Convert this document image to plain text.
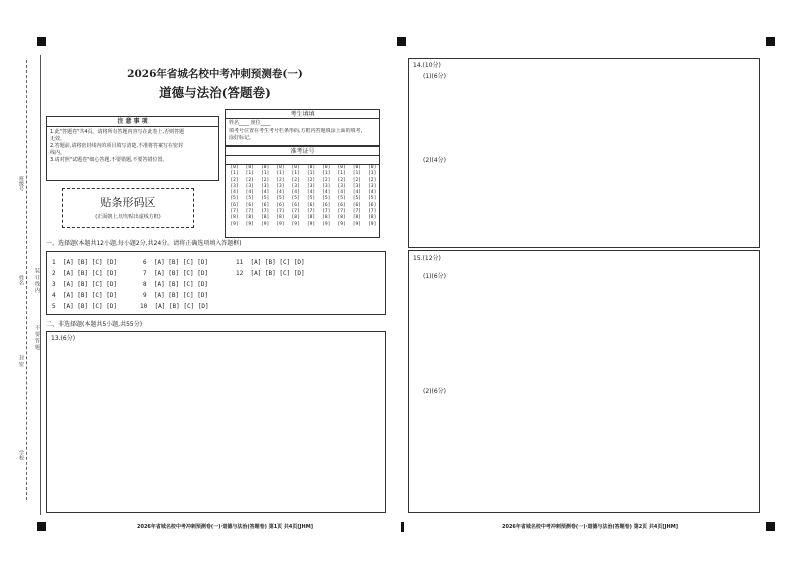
班级号
姓名 装 订 线 内
不 要 答 题
封 密
学校
2026年省城名校中考冲刺预测卷(一)
道德与法治(答题卷)
注 意 事 项
1.此"答题卷"共4页。请将所有答题内容写在此卷上,否则答题
无效。
2.答题前,请将密封线内的项目填写清楚,不准将答案写在密封
线内。
3.请对照"试题卷"细心答题,不要错题,不要答错位置。
贴条形码区
(正面朝上,切勿贴出虚线方框)
考生填填
姓名____ 座位____
填考号位置在考生考号栏条形码,方框内答题填涂上面的填考,
涂好标记。
准考证号
[0]
[1]
[2]
[3]
[4]
[5]
[6]
[7]
[8]
[9]
[0]
[1]
[2]
[3]
[4]
[5]
[6]
[7]
[8]
[9]
[0]
[1]
[2]
[3]
[4]
[5]
[6]
[7]
[8]
[9]
[0]
[1]
[2]
[3]
[4]
[5]
[6]
[7]
[8]
[9]
[0]
[1]
[2]
[3]
[4]
[5]
[6]
[7]
[8]
[9]
[0]
[1]
[2]
[3]
[4]
[5]
[6]
[7]
[8]
[9]
[0]
[1]
[2]
[3]
[4]
[5]
[6]
[7]
[8]
[9]
[0]
[1]
[2]
[3]
[4]
[5]
[6]
[7]
[8]
[9]
[0]
[1]
[2]
[3]
[4]
[5]
[6]
[7]
[8]
[9]
[0]
[1]
[2]
[3]
[4]
[5]
[6]
[7]
[8]
[9]
一、选择题(本题共12小题,每小题2分,共24分。请将正确选项填入答题框)
1 [A] [B] [C] [D]
2 [A] [B] [C] [D]
3 [A] [B] [C] [D]
4 [A] [B] [C] [D]
5 [A] [B] [C] [D]
6 [A] [B] [C] [D]
7 [A] [B] [C] [D]
8 [A] [B] [C] [D]
9 [A] [B] [C] [D]
10 [A] [B] [C] [D]
11 [A] [B] [C] [D]
12 [A] [B] [C] [D]
二、非选择题(本题共5小题,共55分)
13.(6分)
2026年省城名校中考冲刺预测卷(一)·道德与法治(答题卷) 第1页 共4页[JHM]
14.(10分)
(1)(6分)
(2)(4分)
15.(12分)
(1)(6分)
(2)(6分)
2026年省城名校中考冲刺预测卷(一)·道德与法治(答题卷) 第2页 共4页[JHM]
